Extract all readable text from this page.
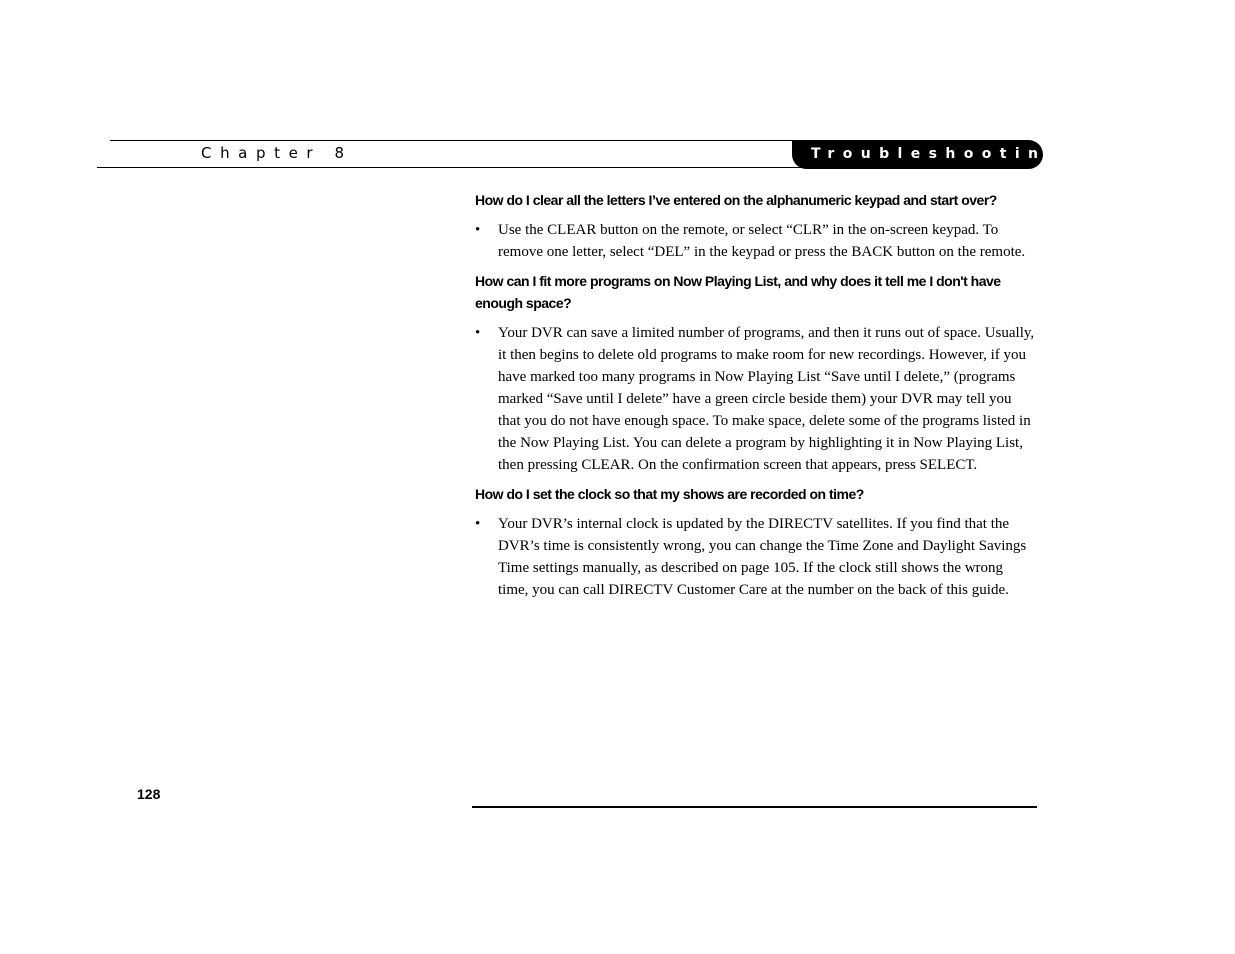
Chapter 8	Troubleshooting

How do I clear all the letters I’ve entered on the alphanumeric keypad and start over?

• Use the CLEAR button on the remote, or select “CLR” in the on-screen keypad. To remove one letter, select “DEL” in the keypad or press the BACK button on the remote.

How can I fit more programs on Now Playing List, and why does it tell me I don't have enough space?

• Your DVR can save a limited number of programs, and then it runs out of space. Usually, it then begins to delete old programs to make room for new recordings. However, if you have marked too many programs in Now Playing List “Save until I delete,” (programs marked “Save until I delete” have a green circle beside them) your DVR may tell you that you do not have enough space. To make space, delete some of the programs listed in the Now Playing List. You can delete a program by highlighting it in Now Playing List, then pressing CLEAR. On the confirmation screen that appears, press SELECT.

How do I set the clock so that my shows are recorded on time?

• Your DVR’s internal clock is updated by the DIRECTV satellites. If you find that the DVR’s time is consistently wrong, you can change the Time Zone and Daylight Savings Time settings manually, as described on page 105. If the clock still shows the wrong time, you can call DIRECTV Customer Care at the number on the back of this guide.
128
